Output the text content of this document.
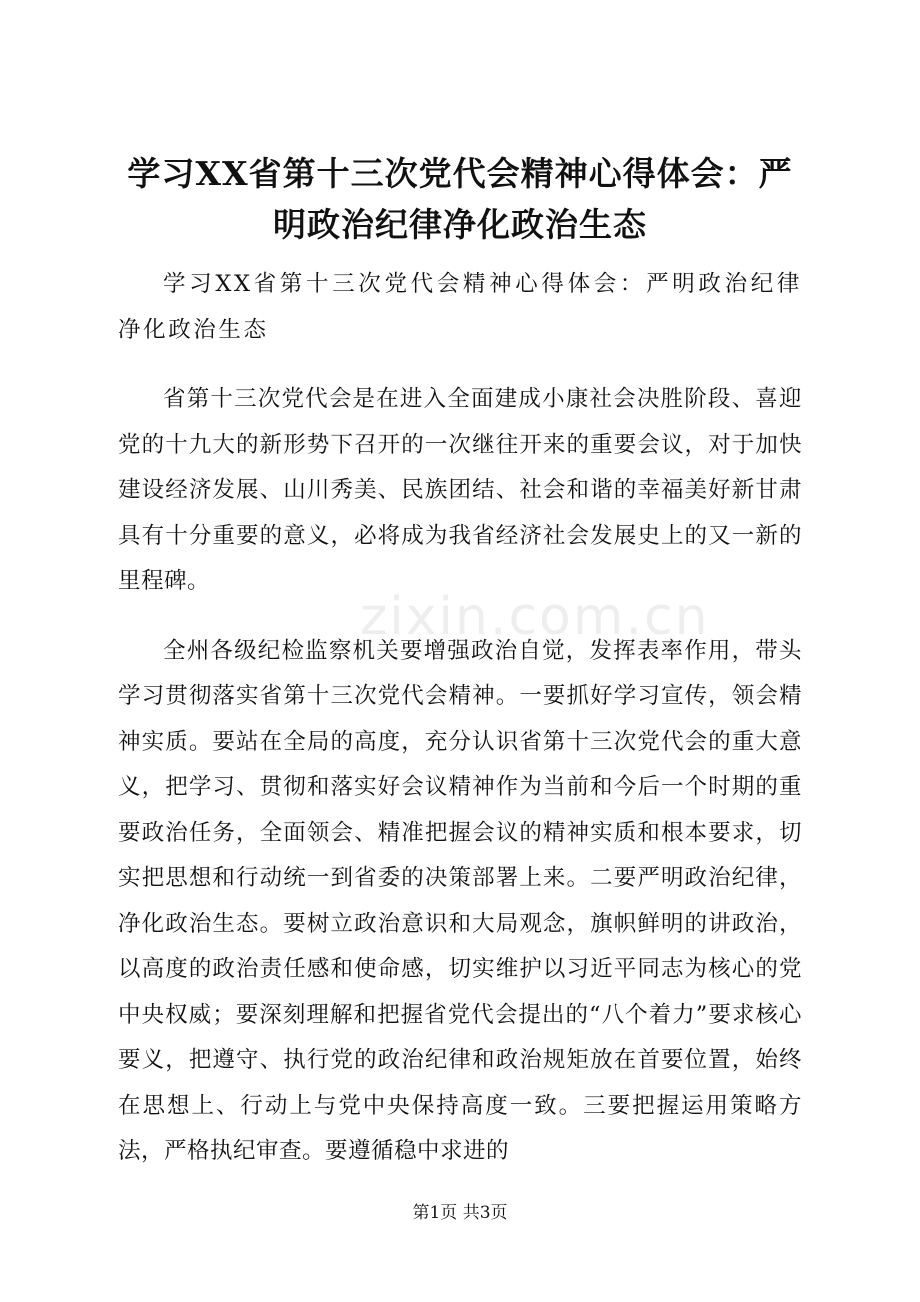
学习XX省第十三次党代会精神心得体会：严明政治纪律净化政治生态

学习XX省第十三次党代会精神心得体会：严明政治纪律净化政治生态

省第十三次党代会是在进入全面建成小康社会决胜阶段、喜迎党的十九大的新形势下召开的一次继往开来的重要会议，对于加快建设经济发展、山川秀美、民族团结、社会和谐的幸福美好新甘肃具有十分重要的意义，必将成为我省经济社会发展史上的又一新的里程碑。

全州各级纪检监察机关要增强政治自觉，发挥表率作用，带头学习贯彻落实省第十三次党代会精神。一要抓好学习宣传，领会精神实质。要站在全局的高度，充分认识省第十三次党代会的重大意义，把学习、贯彻和落实好会议精神作为当前和今后一个时期的重要政治任务，全面领会、精准把握会议的精神实质和根本要求，切实把思想和行动统一到省委的决策部署上来。二要严明政治纪律，净化政治生态。要树立政治意识和大局观念，旗帜鲜明的讲政治，以高度的政治责任感和使命感，切实维护以习近平同志为核心的党中央权威；要深刻理解和把握省党代会提出的“八个着力”要求核心要义，把遵守、执行党的政治纪律和政治规矩放在首要位置，始终在思想上、行动上与党中央保持高度一致。三要把握运用策略方法，严格执纪审查。要遵循稳中求进的

zixin.com.cn
第1页 共3页
